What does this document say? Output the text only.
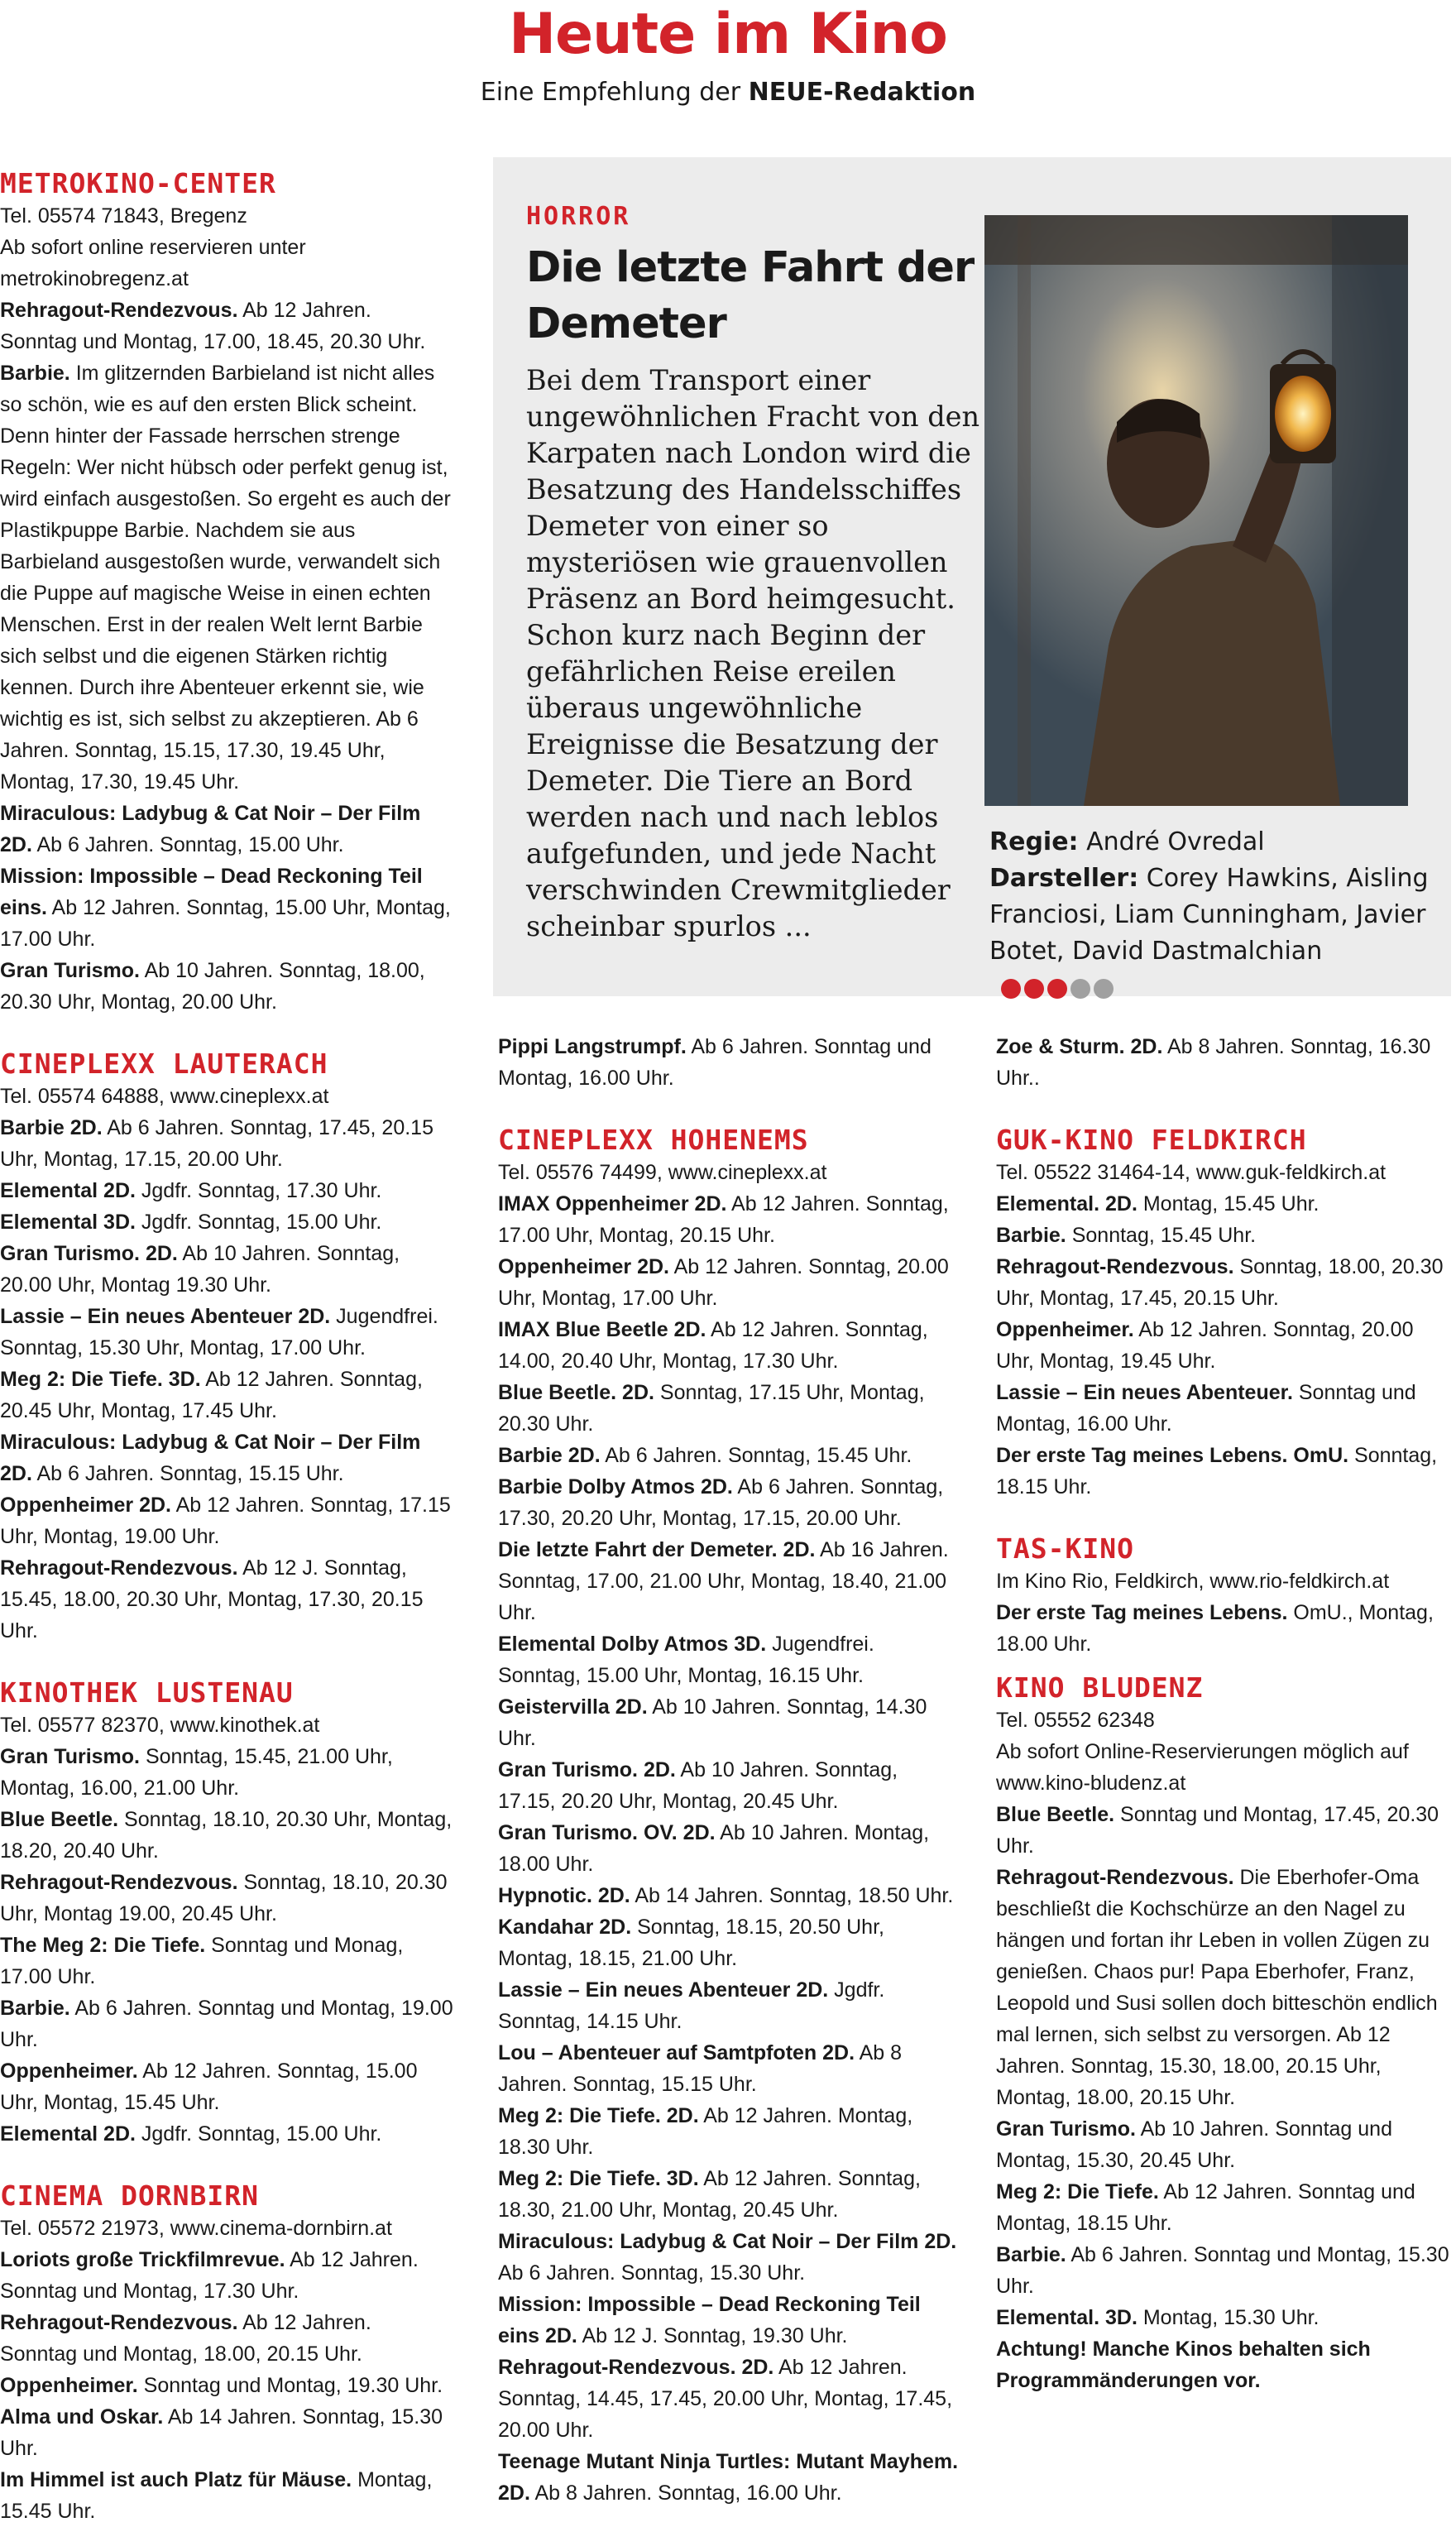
Heute im Kino
Eine Empfehlung der NEUE-Redaktion
METROKINO-CENTER

Tel. 05574 71843, Bregenz

Ab sofort online reservieren unter metrokinobregenz.at

Rehragout-Rendezvous. Ab 12 Jahren. Sonntag und Montag, 17.00, 18.45, 20.30 Uhr.

Barbie. Im glitzernden Barbieland ist nicht alles so schön, wie es auf den ersten Blick scheint. Denn hinter der Fassade herrschen strenge Regeln: Wer nicht hübsch oder perfekt genug ist, wird einfach ausgestoßen. So ergeht es auch der Plastikpuppe Barbie. Nachdem sie aus Barbieland ausgestoßen wurde, verwandelt sich die Puppe auf magische Weise in einen echten Menschen. Erst in der realen Welt lernt Barbie sich selbst und die eigenen Stärken richtig kennen. Durch ihre Abenteuer erkennt sie, wie wichtig es ist, sich selbst zu akzeptieren. Ab 6 Jahren. Sonntag, 15.15, 17.30, 19.45 Uhr, Montag, 17.30, 19.45 Uhr.

Miraculous: Ladybug & Cat Noir – Der Film 2D. Ab 6 Jahren. Sonntag, 15.00 Uhr.

Mission: Impossible – Dead Reckoning Teil eins. Ab 12 Jahren. Sonntag, 15.00 Uhr, Montag, 17.00 Uhr.

Gran Turismo. Ab 10 Jahren. Sonntag, 18.00, 20.30 Uhr, Montag, 20.00 Uhr.

CINEPLEXX LAUTERACH

Tel. 05574 64888, www.cineplexx.at

Barbie 2D. Ab 6 Jahren. Sonntag, 17.45, 20.15 Uhr, Montag, 17.15, 20.00 Uhr.

Elemental 2D. Jgdfr. Sonntag, 17.30 Uhr.

Elemental 3D. Jgdfr. Sonntag, 15.00 Uhr.

Gran Turismo. 2D. Ab 10 Jahren. Sonntag, 20.00 Uhr, Montag 19.30 Uhr.

Lassie – Ein neues Abenteuer 2D. Jugendfrei. Sonntag, 15.30 Uhr, Montag, 17.00 Uhr.

Meg 2: Die Tiefe. 3D. Ab 12 Jahren. Sonntag, 20.45 Uhr, Montag, 17.45 Uhr.

Miraculous: Ladybug & Cat Noir – Der Film 2D. Ab 6 Jahren. Sonntag, 15.15 Uhr.

Oppenheimer 2D. Ab 12 Jahren. Sonntag, 17.15 Uhr, Montag, 19.00 Uhr.

Rehragout-Rendezvous. Ab 12 J. Sonntag, 15.45, 18.00, 20.30 Uhr, Montag, 17.30, 20.15 Uhr.

KINOTHEK LUSTENAU

Tel. 05577 82370, www.kinothek.at

Gran Turismo. Sonntag, 15.45, 21.00 Uhr, Montag, 16.00, 21.00 Uhr.

Blue Beetle. Sonntag, 18.10, 20.30 Uhr, Montag, 18.20, 20.40 Uhr.

Rehragout-Rendezvous. Sonntag, 18.10, 20.30 Uhr, Montag 19.00, 20.45 Uhr.

The Meg 2: Die Tiefe. Sonntag und Monag, 17.00 Uhr.

Barbie. Ab 6 Jahren. Sonntag und Montag, 19.00 Uhr.

Oppenheimer. Ab 12 Jahren. Sonntag, 15.00 Uhr, Montag, 15.45 Uhr.

Elemental 2D. Jgdfr. Sonntag, 15.00 Uhr.

CINEMA DORNBIRN

Tel. 05572 21973, www.cinema-dornbirn.at

Loriots große Trickfilmrevue. Ab 12 Jahren. Sonntag und Montag, 17.30 Uhr.

Rehragout-Rendezvous. Ab 12 Jahren. Sonntag und Montag, 18.00, 20.15 Uhr.

Oppenheimer. Sonntag und Montag, 19.30 Uhr.

Alma und Oskar. Ab 14 Jahren. Sonntag, 15.30 Uhr.

Im Himmel ist auch Platz für Mäuse. Montag, 15.45 Uhr.

HORROR
Die letzte Fahrt der Demeter
Bei dem Transport einer ungewöhnlichen Fracht von den Karpaten nach London wird die Besatzung des Handelsschiffes Demeter von einer so mysteriösen wie grauenvollen Präsenz an Bord heimgesucht. Schon kurz nach Beginn der gefährlichen Reise ereilen überaus ungewöhnliche Ereignisse die Besatzung der Demeter. Die Tiere an Bord werden nach und nach leblos aufgefunden, und jede Nacht verschwinden Crewmitglieder scheinbar spurlos ...
Regie: André Ovredal
Darsteller: Corey Hawkins, Aisling Franciosi, Liam Cunningham, Javier Botet, David Dastmalchian

Pippi Langstrumpf. Ab 6 Jahren. Sonntag und Montag, 16.00 Uhr.

CINEPLEXX HOHENEMS

Tel. 05576 74499, www.cineplexx.at

IMAX Oppenheimer 2D. Ab 12 Jahren. Sonntag, 17.00 Uhr, Montag, 20.15 Uhr.

Oppenheimer 2D. Ab 12 Jahren. Sonntag, 20.00 Uhr, Montag, 17.00 Uhr.

IMAX Blue Beetle 2D. Ab 12 Jahren. Sonntag, 14.00, 20.40 Uhr, Montag, 17.30 Uhr.

Blue Beetle. 2D. Sonntag, 17.15 Uhr, Montag, 20.30 Uhr.

Barbie 2D. Ab 6 Jahren. Sonntag, 15.45 Uhr.

Barbie Dolby Atmos 2D. Ab 6 Jahren. Sonntag, 17.30, 20.20 Uhr, Montag, 17.15, 20.00 Uhr.

Die letzte Fahrt der Demeter. 2D. Ab 16 Jahren. Sonntag, 17.00, 21.00 Uhr, Montag, 18.40, 21.00 Uhr.

Elemental Dolby Atmos 3D. Jugendfrei. Sonntag, 15.00 Uhr, Montag, 16.15 Uhr.

Geistervilla 2D. Ab 10 Jahren. Sonntag, 14.30 Uhr.

Gran Turismo. 2D. Ab 10 Jahren. Sonntag, 17.15, 20.20 Uhr, Montag, 20.45 Uhr.

Gran Turismo. OV. 2D. Ab 10 Jahren. Montag, 18.00 Uhr.

Hypnotic. 2D. Ab 14 Jahren. Sonntag, 18.50 Uhr.

Kandahar 2D. Sonntag, 18.15, 20.50 Uhr, Montag, 18.15, 21.00 Uhr.

Lassie – Ein neues Abenteuer 2D. Jgdfr. Sonntag, 14.15 Uhr.

Lou – Abenteuer auf Samtpfoten 2D. Ab 8 Jahren. Sonntag, 15.15 Uhr.

Meg 2: Die Tiefe. 2D. Ab 12 Jahren. Montag, 18.30 Uhr.

Meg 2: Die Tiefe. 3D. Ab 12 Jahren. Sonntag, 18.30, 21.00 Uhr, Montag, 20.45 Uhr.

Miraculous: Ladybug & Cat Noir – Der Film 2D. Ab 6 Jahren. Sonntag, 15.30 Uhr.

Mission: Impossible – Dead Reckoning Teil eins 2D. Ab 12 J. Sonntag, 19.30 Uhr.

Rehragout-Rendezvous. 2D. Ab 12 Jahren. Sonntag, 14.45, 17.45, 20.00 Uhr, Montag, 17.45, 20.00 Uhr.

Teenage Mutant Ninja Turtles: Mutant Mayhem. 2D. Ab 8 Jahren. Sonntag, 16.00 Uhr.

Zoe & Sturm. 2D. Ab 8 Jahren. Sonntag, 16.30 Uhr..

GUK-KINO FELDKIRCH

Tel. 05522 31464-14, www.guk-feldkirch.at

Elemental. 2D. Montag, 15.45 Uhr.

Barbie. Sonntag, 15.45 Uhr.

Rehragout-Rendezvous. Sonntag, 18.00, 20.30 Uhr, Montag, 17.45, 20.15 Uhr.

Oppenheimer. Ab 12 Jahren. Sonntag, 20.00 Uhr, Montag, 19.45 Uhr.

Lassie – Ein neues Abenteuer. Sonntag und Montag, 16.00 Uhr.

Der erste Tag meines Lebens. OmU. Sonntag, 18.15 Uhr.

TAS-KINO

Im Kino Rio, Feldkirch, www.rio-feldkirch.at

Der erste Tag meines Lebens. OmU., Montag, 18.00 Uhr.

KINO BLUDENZ

Tel. 05552 62348

Ab sofort Online-Reservierungen möglich auf www.kino-bludenz.at

Blue Beetle. Sonntag und Montag, 17.45, 20.30 Uhr.

Rehragout-Rendezvous. Die Eberhofer-Oma beschließt die Kochschürze an den Nagel zu hängen und fortan ihr Leben in vollen Zügen zu genießen. Chaos pur! Papa Eberhofer, Franz, Leopold und Susi sollen doch bitteschön endlich mal lernen, sich selbst zu versorgen. Ab 12 Jahren. Sonntag, 15.30, 18.00, 20.15 Uhr, Montag, 18.00, 20.15 Uhr.

Gran Turismo. Ab 10 Jahren. Sonntag und Montag, 15.30, 20.45 Uhr.

Meg 2: Die Tiefe. Ab 12 Jahren. Sonntag und Montag, 18.15 Uhr.

Barbie. Ab 6 Jahren. Sonntag und Montag, 15.30 Uhr.

Elemental. 3D. Montag, 15.30 Uhr.

Achtung! Manche Kinos behalten sich Programmänderungen vor.
